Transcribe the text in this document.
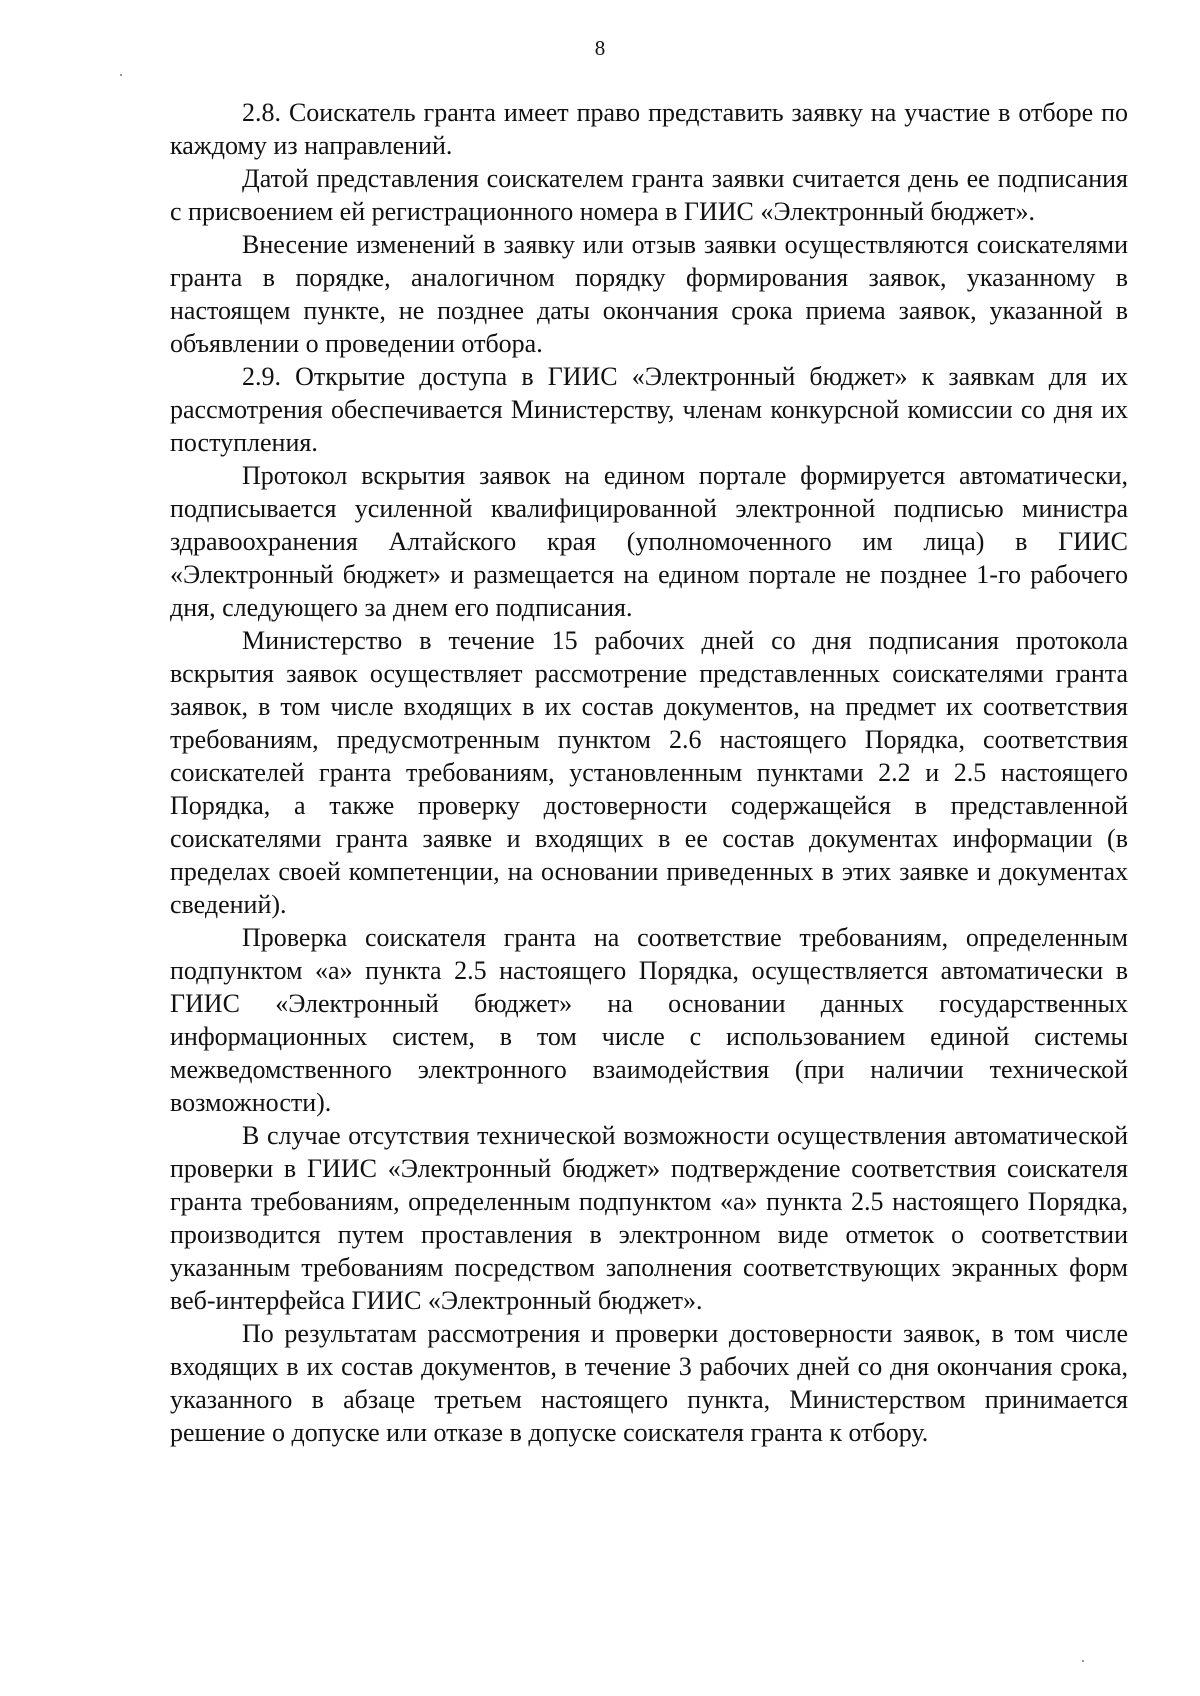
8

2.8. Соискатель гранта имеет право представить заявку на участие в отборе по каждому из направлений.

Датой представления соискателем гранта заявки считается день ее подписания с присвоением ей регистрационного номера в ГИИС «Электронный бюджет».

Внесение изменений в заявку или отзыв заявки осуществляются соискателями гранта в порядке, аналогичном порядку формирования заявок, указанному в настоящем пункте, не позднее даты окончания срока приема заявок, указанной в объявлении о проведении отбора.

2.9. Открытие доступа в ГИИС «Электронный бюджет» к заявкам для их рассмотрения обеспечивается Министерству, членам конкурсной комиссии со дня их поступления.

Протокол вскрытия заявок на едином портале формируется автоматически, подписывается усиленной квалифицированной электронной подписью министра здравоохранения Алтайского края (уполномоченного им лица) в ГИИС «Электронный бюджет» и размещается на едином портале не позднее 1-го рабочего дня, следующего за днем его подписания.

Министерство в течение 15 рабочих дней со дня подписания протокола вскрытия заявок осуществляет рассмотрение представленных соискателями гранта заявок, в том числе входящих в их состав документов, на предмет их соответствия требованиям, предусмотренным пунктом 2.6 настоящего Порядка, соответствия соискателей гранта требованиям, установленным пунктами 2.2 и 2.5 настоящего Порядка, а также проверку достоверности содержащейся в представленной соискателями гранта заявке и входящих в ее состав документах информации (в пределах своей компетенции, на основании приведенных в этих заявке и документах сведений).

Проверка соискателя гранта на соответствие требованиям, определенным подпунктом «а» пункта 2.5 настоящего Порядка, осуществляется автоматически в ГИИС «Электронный бюджет» на основании данных государственных информационных систем, в том числе с использованием единой системы межведомственного электронного взаимодействия (при наличии технической возможности).

В случае отсутствия технической возможности осуществления автоматической проверки в ГИИС «Электронный бюджет» подтверждение соответствия соискателя гранта требованиям, определенным подпунктом «а» пункта 2.5 настоящего Порядка, производится путем проставления в электронном виде отметок о соответствии указанным требованиям посредством заполнения соответствующих экранных форм веб-интерфейса ГИИС «Электронный бюджет».

По результатам рассмотрения и проверки достоверности заявок, в том числе входящих в их состав документов, в течение 3 рабочих дней со дня окончания срока, указанного в абзаце третьем настоящего пункта, Министерством принимается решение о допуске или отказе в допуске соискателя гранта к отбору.
